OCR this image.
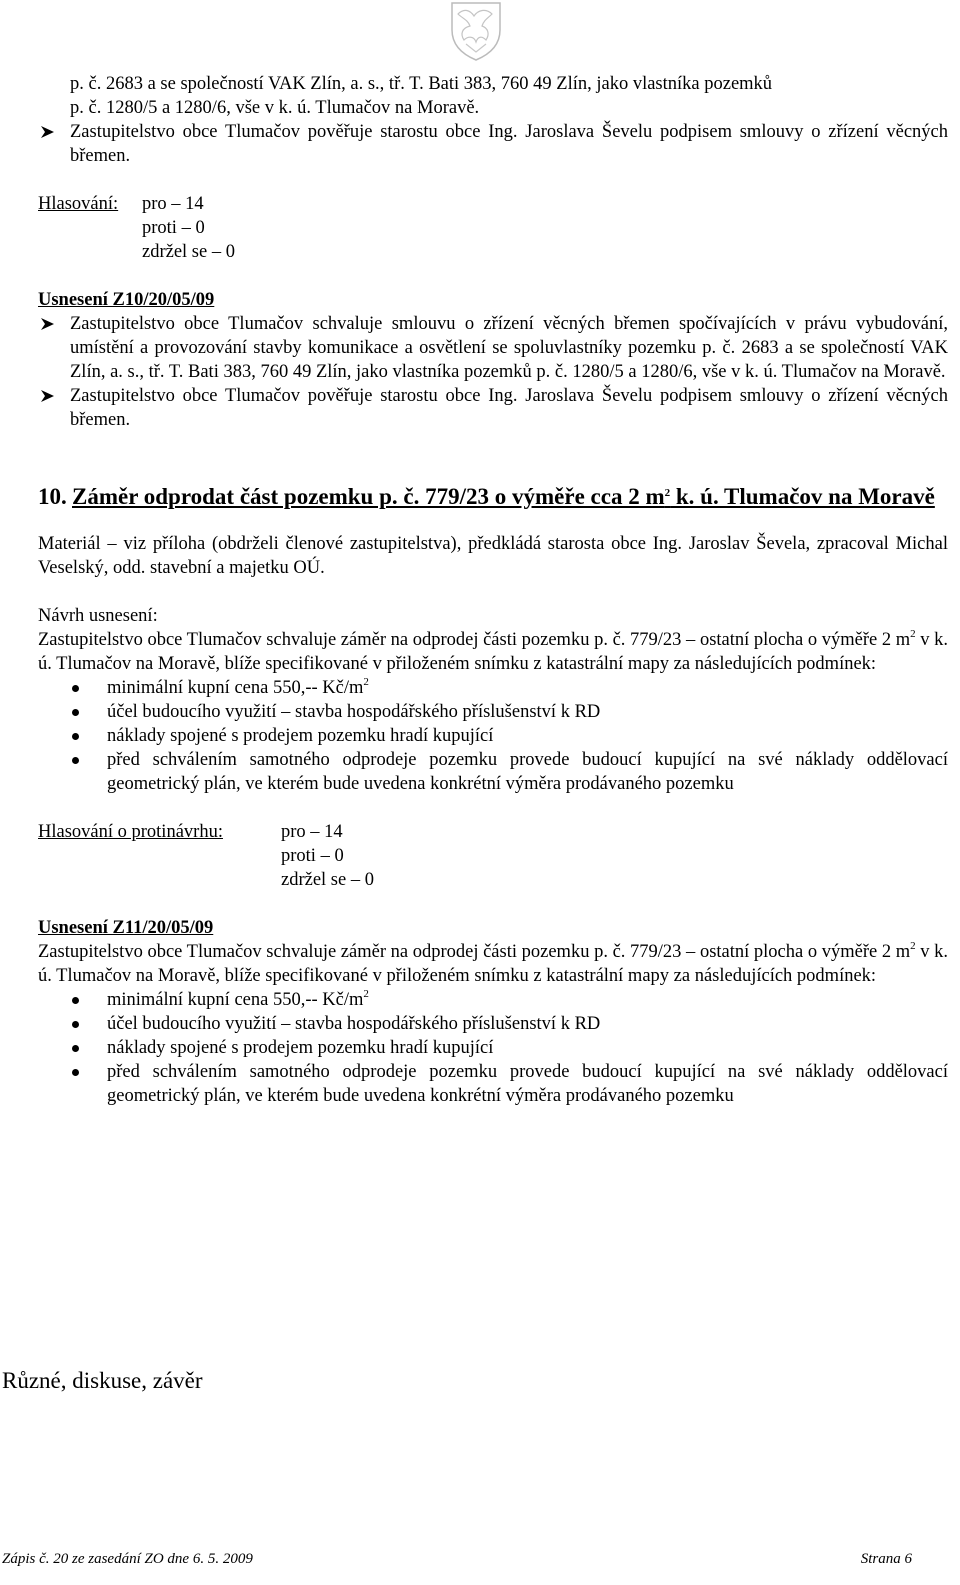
p. č. 2683 a se společností VAK Zlín, a. s., tř. T. Bati 383, 760 49 Zlín, jako vlastníka pozemků
p. č. 1280/5 a 1280/6, vše v k. ú. Tlumačov na Moravě.
Zastupitelstvo obce Tlumačov pověřuje starostu obce Ing. Jaroslava Ševelu podpisem smlouvy o zřízení věcných břemen.
Hlasování:	pro – 14
proti – 0
zdržel se – 0
Usnesení Z10/20/05/09
Zastupitelstvo obce Tlumačov schvaluje smlouvu o zřízení věcných břemen spočívajících v právu vybudování, umístění a provozování stavby komunikace a osvětlení se spoluvlastníky pozemku p. č. 2683 a se společností VAK Zlín, a. s., tř. T. Bati 383, 760 49 Zlín, jako vlastníka pozemků p. č. 1280/5 a 1280/6, vše v k. ú. Tlumačov na Moravě.
Zastupitelstvo obce Tlumačov pověřuje starostu obce Ing. Jaroslava Ševelu podpisem smlouvy o zřízení věcných břemen.
10. Záměr odprodat část pozemku p. č. 779/23 o výměře cca 2 $m^2$ k. ú. Tlumačov na Moravě
Materiál – viz příloha (obdrželi členové zastupitelstva), předkládá starosta obce Ing. Jaroslav Ševela, zpracoval Michal Veselský, odd. stavební a majetku OÚ.
Návrh usnesení:
Zastupitelstvo obce Tlumačov schvaluje záměr na odprodej části pozemku p. č. 779/23 – ostatní plocha o výměře 2 $m^2$ v k. ú. Tlumačov na Moravě, blíže specifikované v přiloženém snímku z katastrální mapy za následujících podmínek:
minimální kupní cena 550,-- $Kč/m^2$
účel budoucího využití – stavba hospodářského příslušenství k RD
náklady spojené s prodejem pozemku hradí kupující
před schválením samotného odprodeje pozemku provede budoucí kupující na své náklady oddělovací geometrický plán, ve kterém bude uvedena konkrétní výměra prodávaného pozemku
Hlasování o protinávrhu:	pro – 14
proti – 0
zdržel se – 0
Usnesení Z11/20/05/09
Zastupitelstvo obce Tlumačov schvaluje záměr na odprodej části pozemku p. č. 779/23 – ostatní plocha o výměře 2 $m^2$ v k. ú. Tlumačov na Moravě, blíže specifikované v přiloženém snímku z katastrální mapy za následujících podmínek:
minimální kupní cena 550,-- $Kč/m^2$
účel budoucího využití – stavba hospodářského příslušenství k RD
náklady spojené s prodejem pozemku hradí kupující
před schválením samotného odprodeje pozemku provede budoucí kupující na své náklady oddělovací geometrický plán, ve kterém bude uvedena konkrétní výměra prodávaného pozemku
Různé, diskuse, závěr
Zápis č. 20 ze zasedání ZO dne 6. 5. 2009	Strana 6
